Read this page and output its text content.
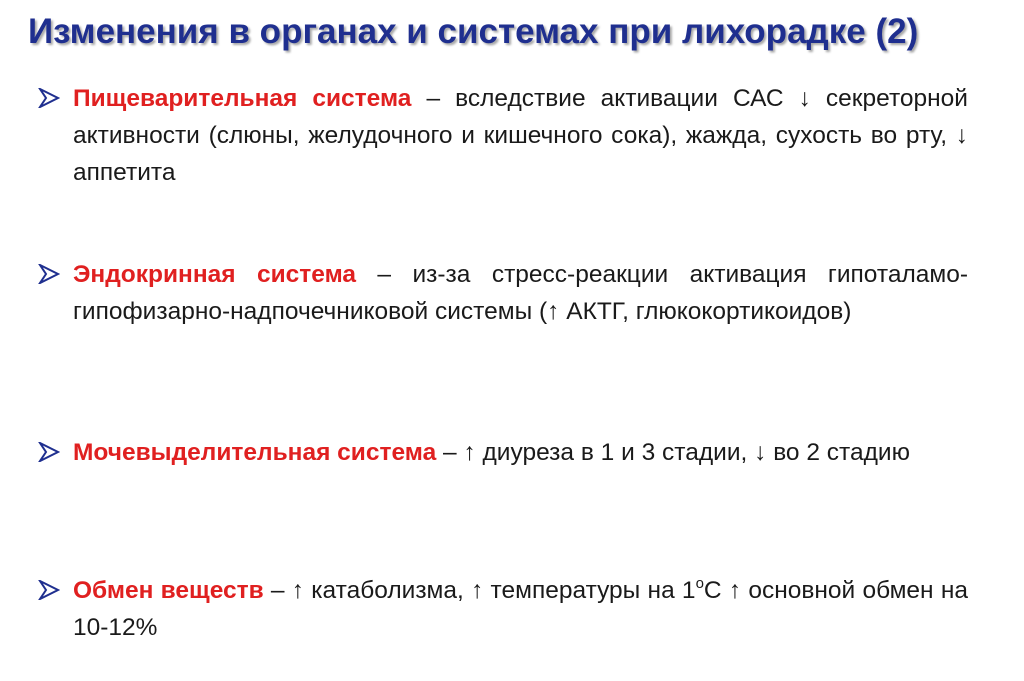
Изменения в органах и системах при лихорадке (2)

Пищеварительная система – вследствие активации САС ↓ секреторной активности (слюны, желудочного и кишечного сока), жажда, сухость во рту, ↓ аппетита

Эндокринная система – из-за стресс-реакции активация гипоталамо-гипофизарно-надпочечниковой системы (↑ АКТГ, глюкокортикоидов)

Мочевыделительная система – ↑ диуреза в 1 и 3 стадии, ↓ во 2 стадию

Обмен веществ – ↑ катаболизма, ↑ температуры на $1^оС$ ↑ основной обмен на 10-12%
